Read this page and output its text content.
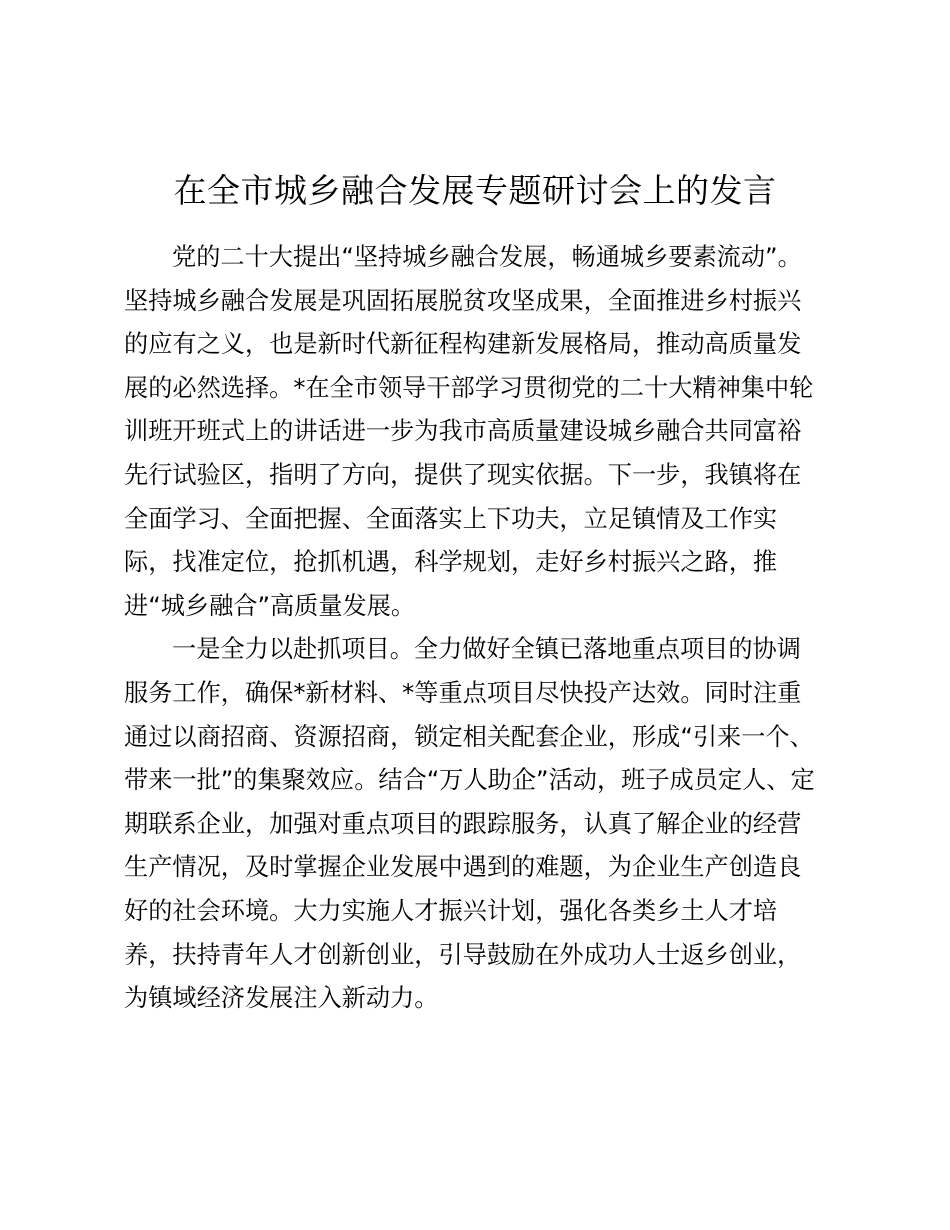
在全市城乡融合发展专题研讨会上的发言

党的二十大提出“坚持城乡融合发展，畅通城乡要素流动”。

坚持城乡融合发展是巩固拓展脱贫攻坚成果，全面推进乡村振兴

的应有之义，也是新时代新征程构建新发展格局，推动高质量发

展的必然选择。*在全市领导干部学习贯彻党的二十大精神集中轮

训班开班式上的讲话进一步为我市高质量建设城乡融合共同富裕

先行试验区，指明了方向，提供了现实依据。下一步，我镇将在

全面学习、全面把握、全面落实上下功夫，立足镇情及工作实

际，找准定位，抢抓机遇，科学规划，走好乡村振兴之路，推

进“城乡融合”高质量发展。

一是全力以赴抓项目。全力做好全镇已落地重点项目的协调

服务工作，确保*新材料、*等重点项目尽快投产达效。同时注重

通过以商招商、资源招商，锁定相关配套企业，形成“引来一个、

带来一批”的集聚效应。结合“万人助企”活动，班子成员定人、定

期联系企业，加强对重点项目的跟踪服务，认真了解企业的经营

生产情况，及时掌握企业发展中遇到的难题，为企业生产创造良

好的社会环境。大力实施人才振兴计划，强化各类乡土人才培

养，扶持青年人才创新创业，引导鼓励在外成功人士返乡创业，

为镇域经济发展注入新动力。
